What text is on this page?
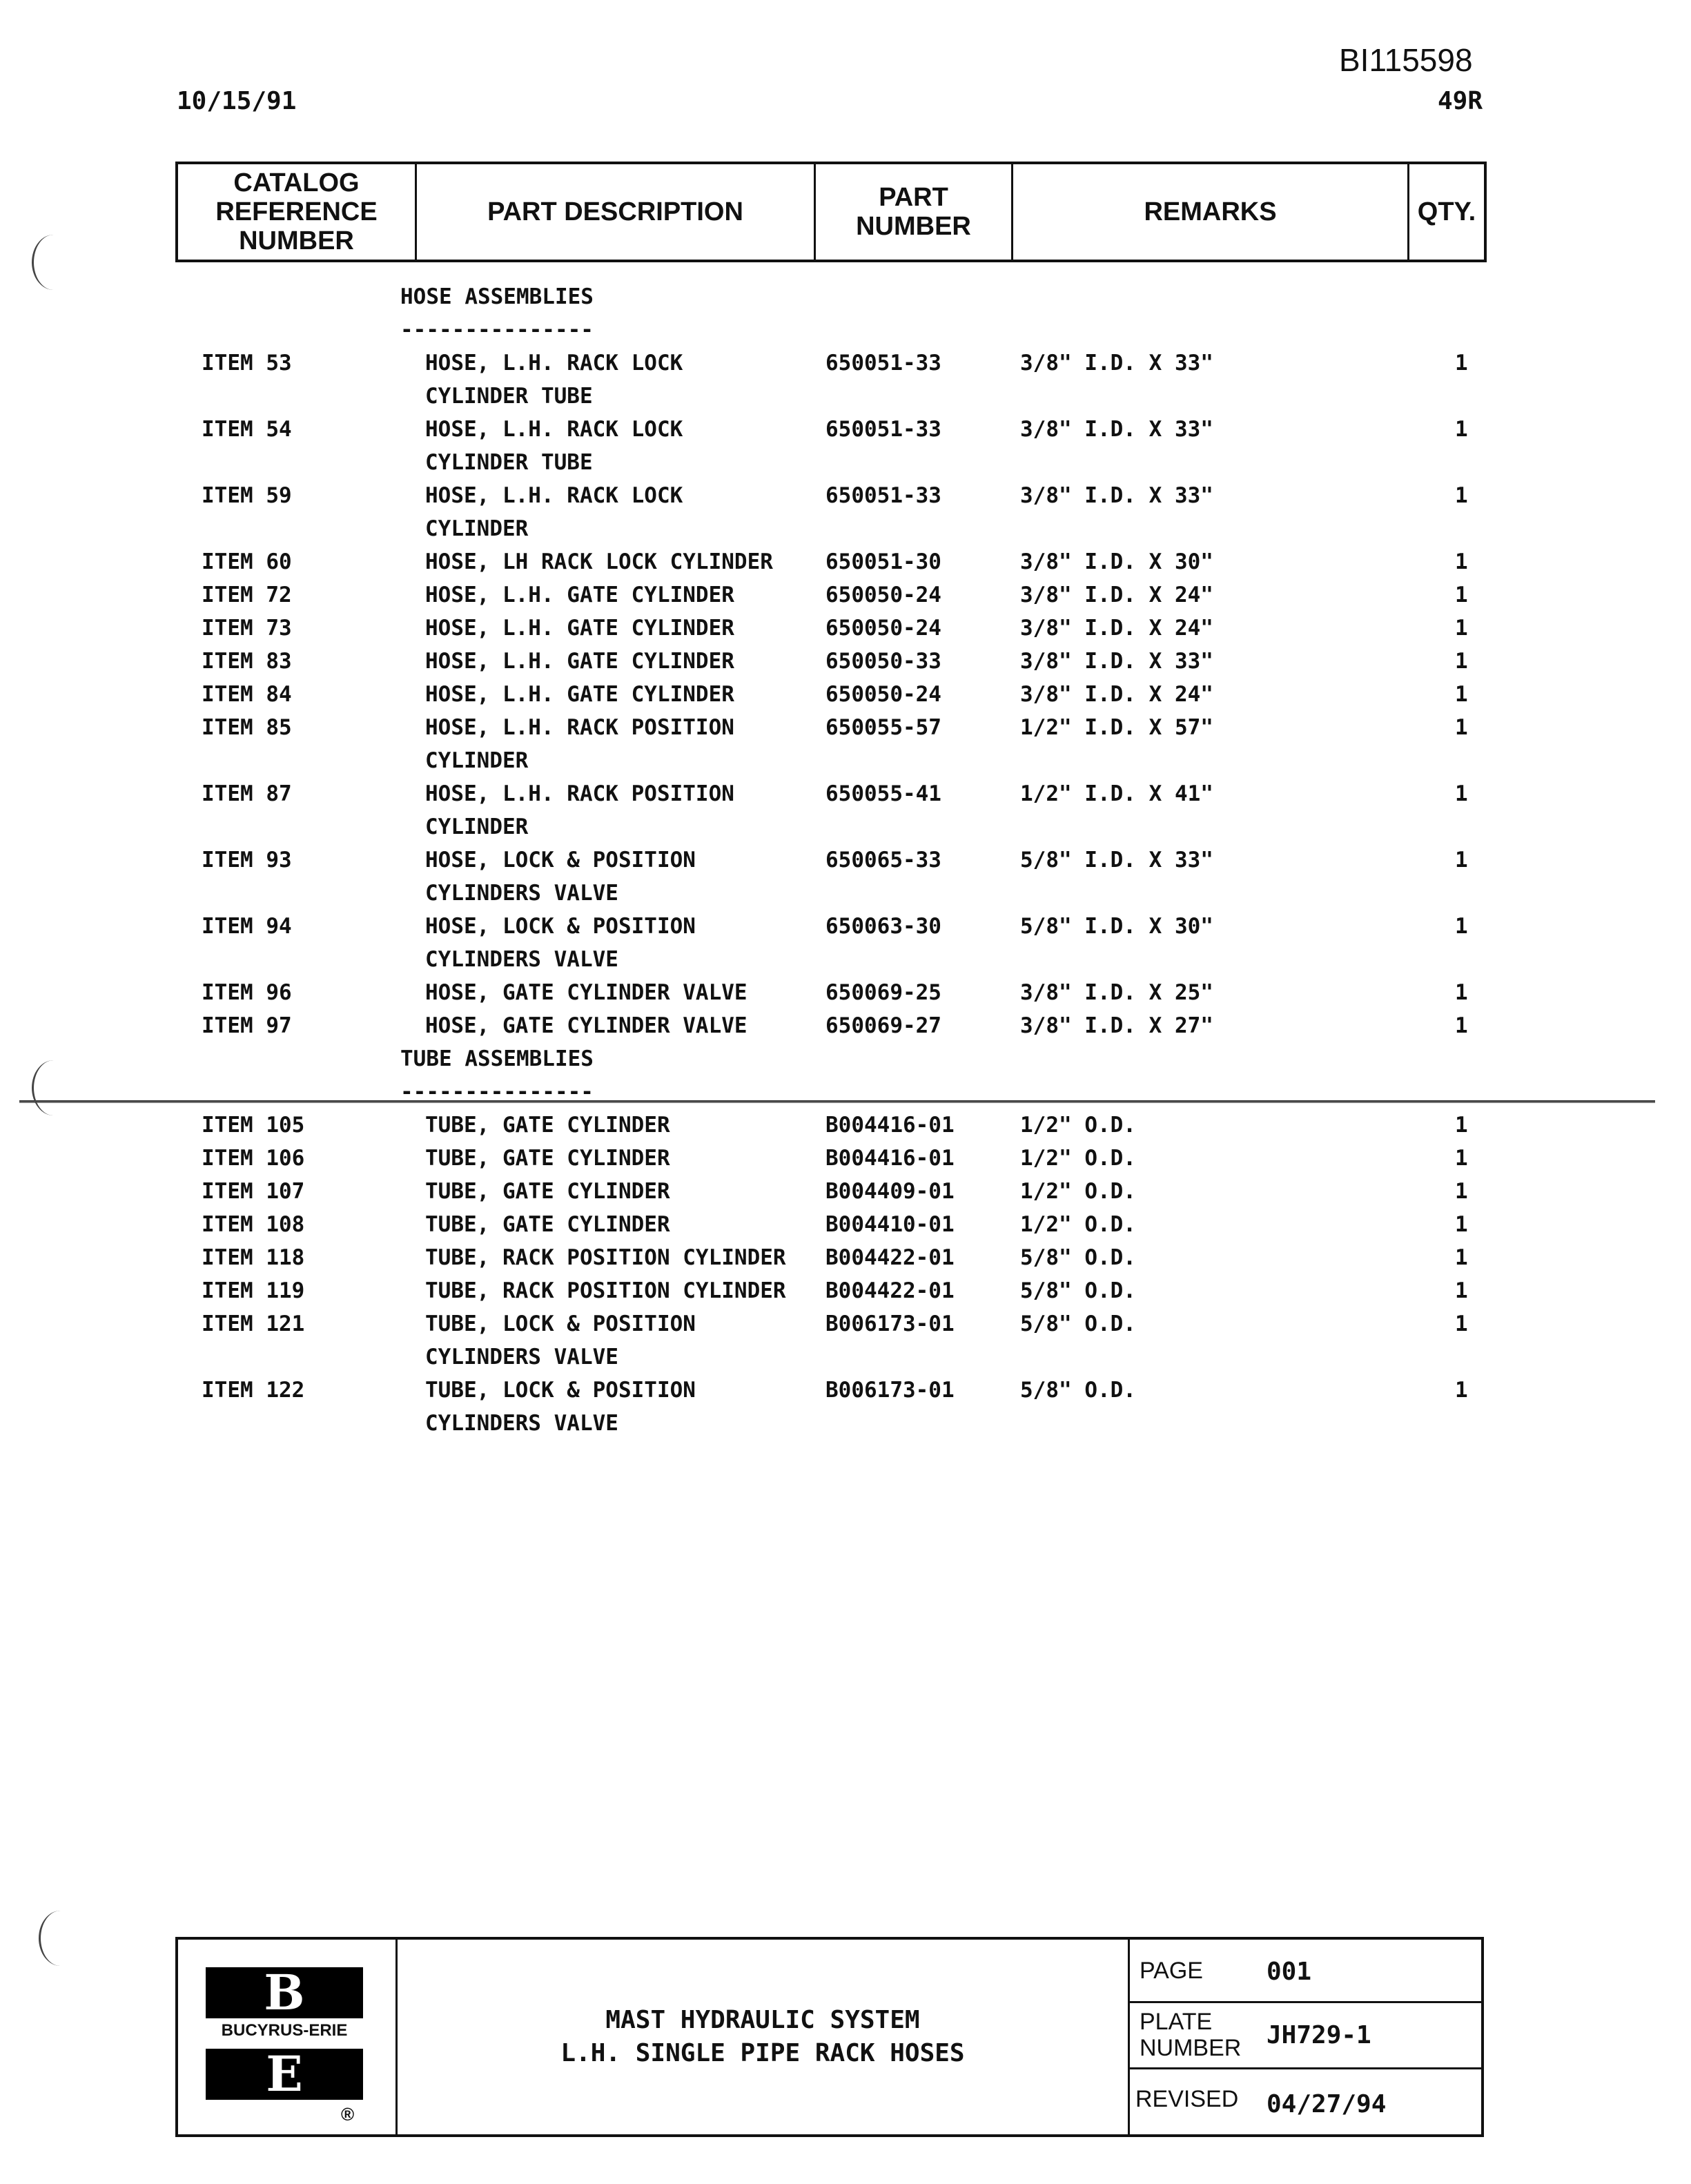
BI115598
10/15/91	49R
CATALOG
REFERENCE
NUMBER
PART DESCRIPTION	PART
NUMBER	REMARKS	QTY.
HOSE ASSEMBLIES
---------------
ITEM 53	HOSE, L.H. RACK LOCK	650051-33	3/8" I.D. X 33"	1
CYLINDER TUBE
ITEM 54	HOSE, L.H. RACK LOCK	650051-33	3/8" I.D. X 33"	1
CYLINDER TUBE
ITEM 59	HOSE, L.H. RACK LOCK	650051-33	3/8" I.D. X 33"	1
CYLINDER
ITEM 60	HOSE, LH RACK LOCK CYLINDER 650051-30	3/8" I.D. X 30"	1
ITEM 72	HOSE, L.H. GATE CYLINDER	650050-24	3/8" I.D. X 24"	1
ITEM 73	HOSE, L.H. GATE CYLINDER	650050-24	3/8" I.D. X 24"	1
ITEM 83	HOSE, L.H. GATE CYLINDER	650050-33	3/8" I.D. X 33"	1
ITEM 84	HOSE, L.H. GATE CYLINDER	650050-24	3/8" I.D. X 24"	1
ITEM 85	HOSE, L.H. RACK POSITION	650055-57	1/2" I.D. X 57"	1
CYLINDER
ITEM 87	HOSE, L.H. RACK POSITION	650055-41	1/2" I.D. X 41"	1
CYLINDER
ITEM 93	HOSE, LOCK & POSITION	650065-33	5/8" I.D. X 33"	1
CYLINDERS VALVE
ITEM 94	HOSE, LOCK & POSITION	650063-30	5/8" I.D. X 30"	1
CYLINDERS VALVE
ITEM 96	HOSE, GATE CYLINDER VALVE	650069-25	3/8" I.D. X 25"	1
ITEM 97	HOSE, GATE CYLINDER VALVE	650069-27	3/8" I.D. X 27"	1
TUBE ASSEMBLIES
---------------
ITEM 105	TUBE, GATE CYLINDER	B004416-01	1/2" O.D.	1
ITEM 106	TUBE, GATE CYLINDER	B004416-01	1/2" O.D.	1
ITEM 107	TUBE, GATE CYLINDER	B004409-01	1/2" O.D.	1
ITEM 108	TUBE, GATE CYLINDER	B004410-01	1/2" O.D.	1
ITEM 118	TUBE, RACK POSITION CYLINDER B004422-01	5/8" O.D.	1
ITEM 119	TUBE, RACK POSITION CYLINDER B004422-01	5/8" O.D.	1
ITEM 121	TUBE, LOCK & POSITION	B006173-01	5/8" O.D.	1
CYLINDERS VALVE
ITEM 122	TUBE, LOCK & POSITION	B006173-01	5/8" O.D.	1
CYLINDERS VALVE
B
BUCYRUS-ERIE
E
®
MAST HYDRAULIC SYSTEM
L.H. SINGLE PIPE RACK HOSES
PAGE	001
PLATE
NUMBER JH729-1
REVISED 04/27/94
